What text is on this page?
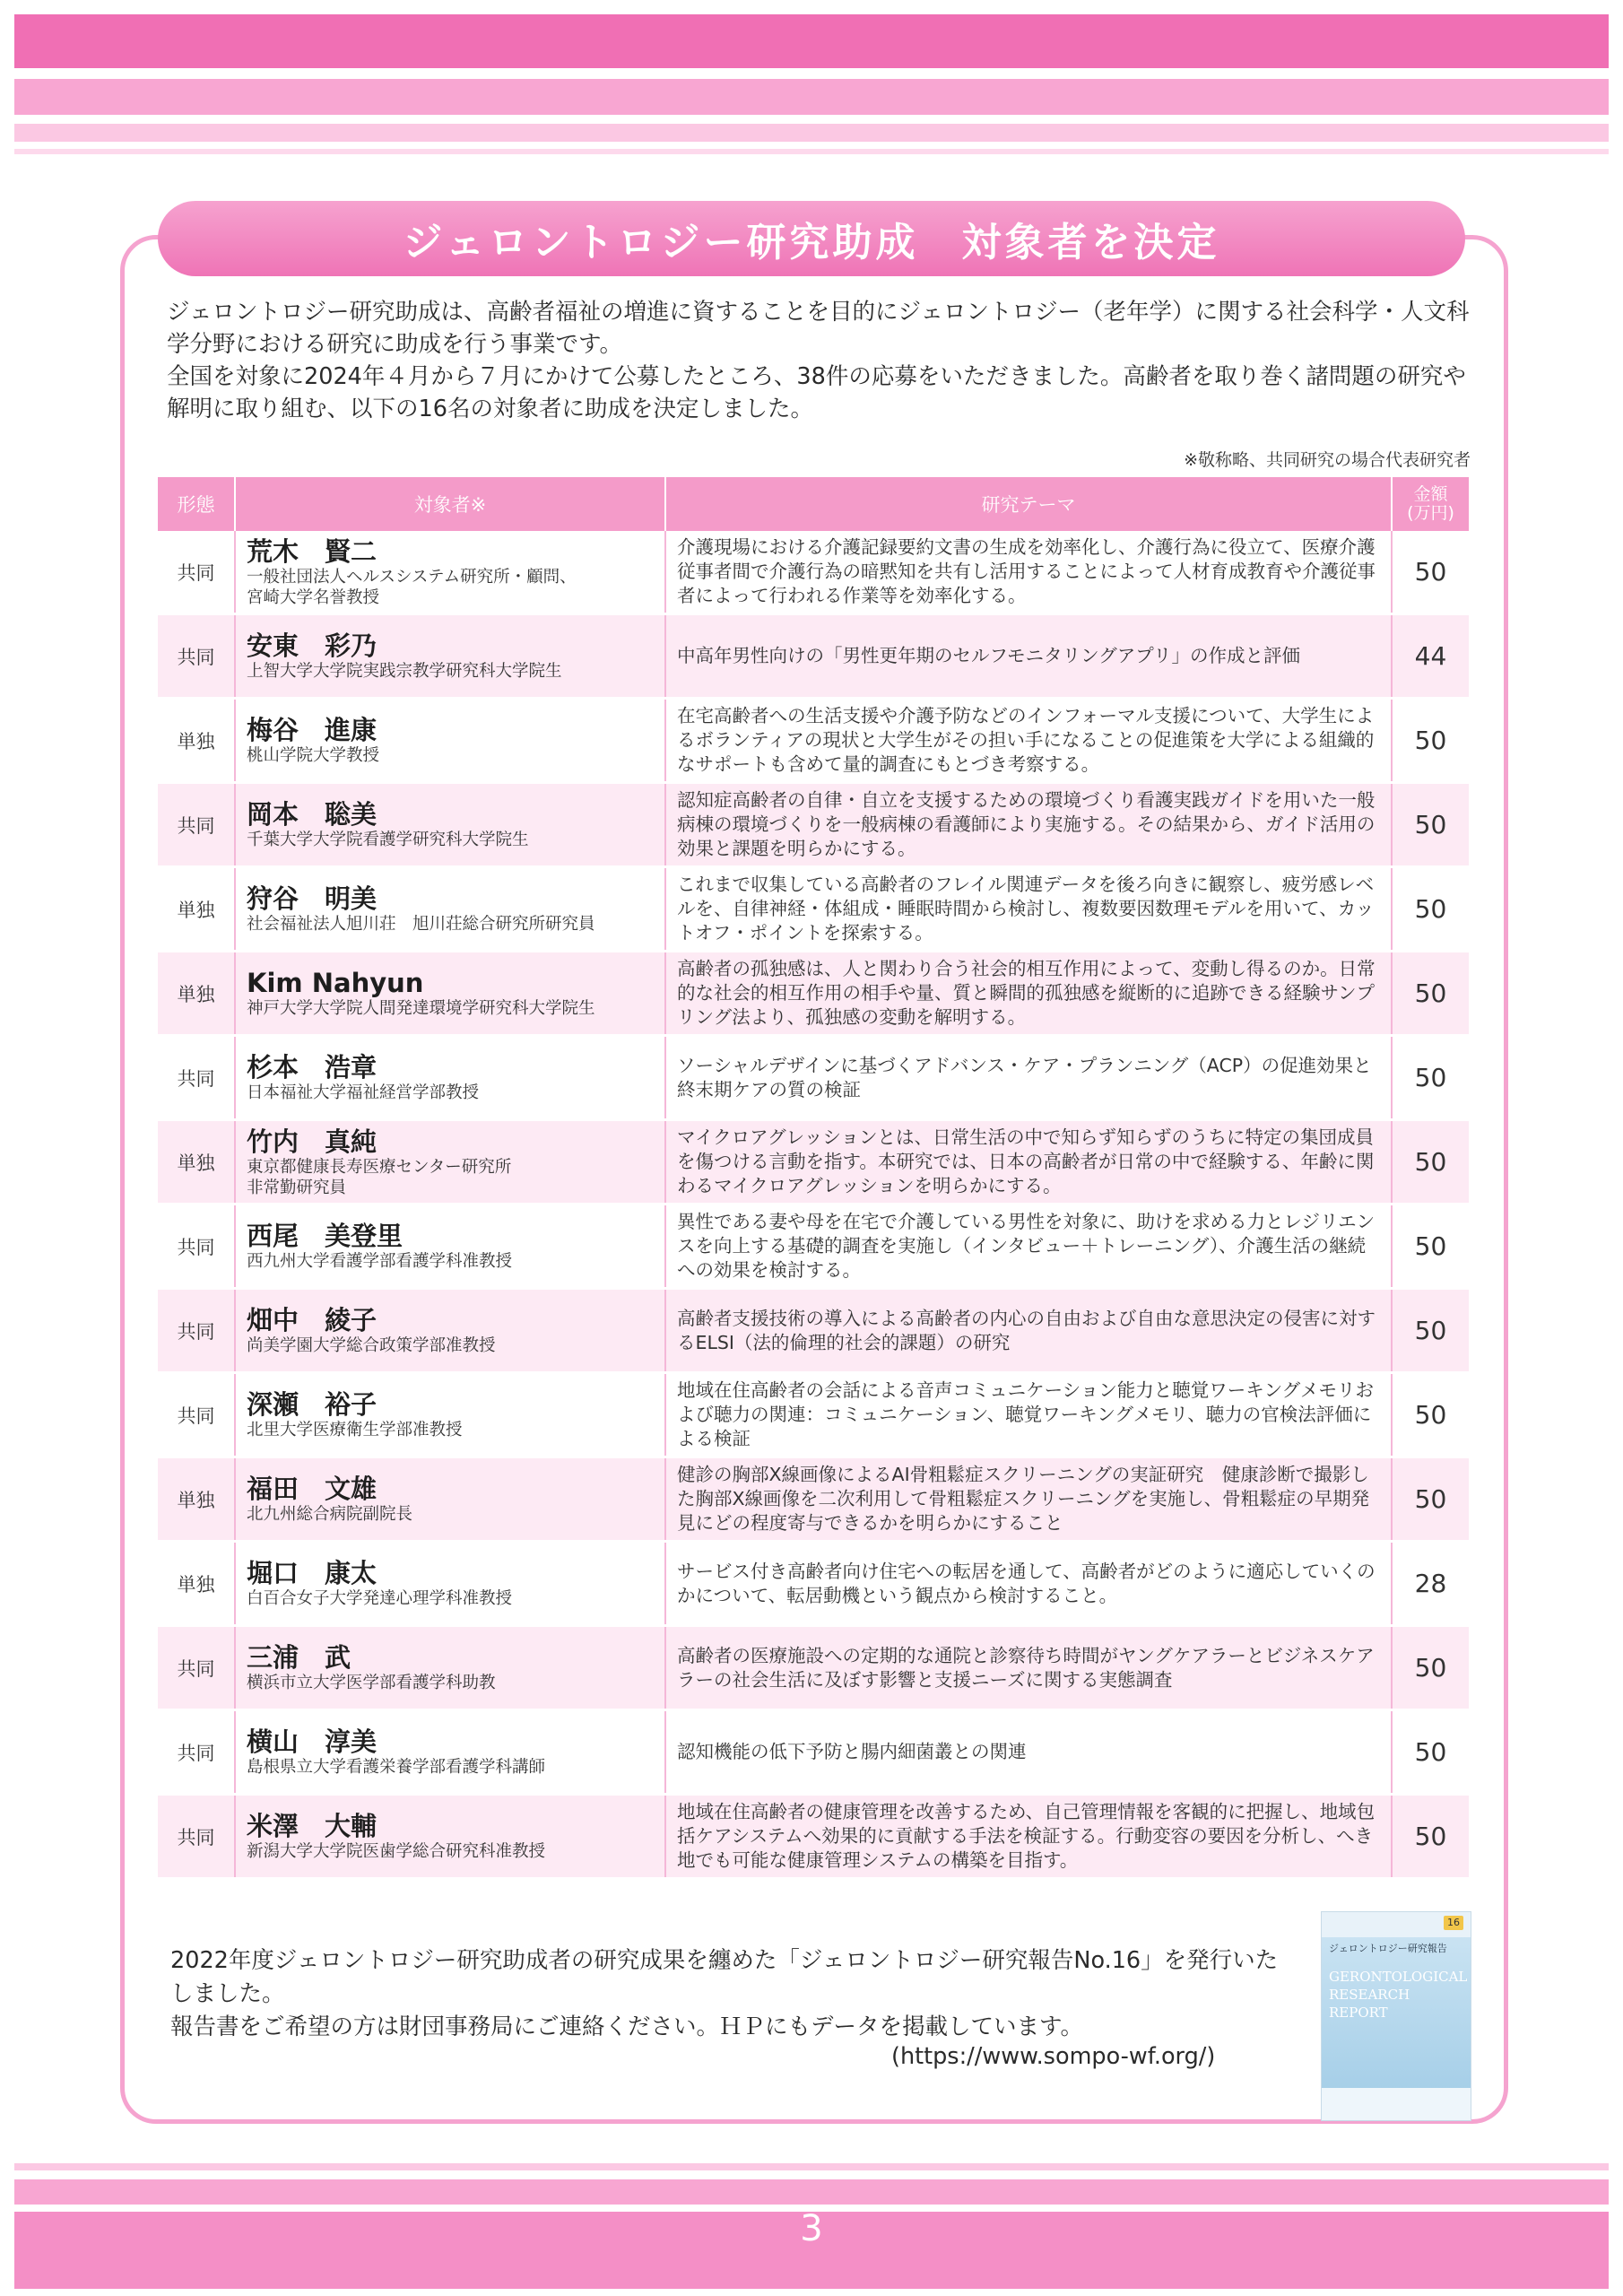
ジェロントロジー研究助成　対象者を決定

ジェロントロジー研究助成は、高齢者福祉の増進に資することを目的にジェロントロジー（老年学）に関する社会科学・人文科学分野における研究に助成を行う事業です。
全国を対象に2024年４月から７月にかけて公募したところ、38件の応募をいただきました。高齢者を取り巻く諸問題の研究や解明に取り組む、以下の16名の対象者に助成を決定しました。

※敬称略、共同研究の場合代表研究者
形態	対象者※	研究テーマ	金額
(万円)

共同	荒木　賢二
一般社団法人ヘルスシステム研究所・顧問、
宮崎大学名誉教授	介護現場における介護記録要約文書の生成を効率化し、介護行為に役立て、医療介護従事者間で介護行為の暗黙知を共有し活用することによって人材育成教育や介護従事者によって行われる作業等を効率化する。	50
共同	安東　彩乃
上智大学大学院実践宗教学研究科大学院生	中高年男性向けの「男性更年期のセルフモニタリングアプリ」の作成と評価	44
単独	梅谷　進康
桃山学院大学教授	在宅高齢者への生活支援や介護予防などのインフォーマル支援について、大学生によるボランティアの現状と大学生がその担い手になることの促進策を大学による組織的なサポートも含めて量的調査にもとづき考察する。	50
共同	岡本　聡美
千葉大学大学院看護学研究科大学院生	認知症高齢者の自律・自立を支援するための環境づくり看護実践ガイドを用いた一般病棟の環境づくりを一般病棟の看護師により実施する。その結果から、ガイド活用の効果と課題を明らかにする。	50
単独	狩谷　明美
社会福祉法人旭川荘　旭川荘総合研究所研究員	これまで収集している高齢者のフレイル関連データを後ろ向きに観察し、疲労感レベルを、自律神経・体組成・睡眠時間から検討し、複数要因数理モデルを用いて、カットオフ・ポイントを探索する。	50
単独	Kim Nahyun
神戸大学大学院人間発達環境学研究科大学院生	高齢者の孤独感は、人と関わり合う社会的相互作用によって、変動し得るのか。日常的な社会的相互作用の相手や量、質と瞬間的孤独感を縦断的に追跡できる経験サンプリング法より、孤独感の変動を解明する。	50
共同	杉本　浩章
日本福祉大学福祉経営学部教授	ソーシャルデザインに基づくアドバンス・ケア・プランニング（ACP）の促進効果と終末期ケアの質の検証	50
単独	竹内　真純
東京都健康長寿医療センター研究所
非常勤研究員	マイクロアグレッションとは、日常生活の中で知らず知らずのうちに特定の集団成員を傷つける言動を指す。本研究では、日本の高齢者が日常の中で経験する、年齢に関わるマイクロアグレッションを明らかにする。	50
共同	西尾　美登里
西九州大学看護学部看護学科准教授	異性である妻や母を在宅で介護している男性を対象に、助けを求める力とレジリエンスを向上する基礎的調査を実施し（インタビュー＋トレーニング）、介護生活の継続への効果を検討する。	50
共同	畑中　綾子
尚美学園大学総合政策学部准教授	高齢者支援技術の導入による高齢者の内心の自由および自由な意思決定の侵害に対するELSI（法的倫理的社会的課題）の研究	50
共同	深瀬　裕子
北里大学医療衛生学部准教授	地域在住高齢者の会話による音声コミュニケーション能力と聴覚ワーキングメモリおよび聴力の関連：コミュニケーション、聴覚ワーキングメモリ、聴力の官検法評価による検証	50
単独	福田　文雄
北九州総合病院副院長	健診の胸部X線画像によるAI骨粗鬆症スクリーニングの実証研究　健康診断で撮影した胸部X線画像を二次利用して骨粗鬆症スクリーニングを実施し、骨粗鬆症の早期発見にどの程度寄与できるかを明らかにすること	50
単独	堀口　康太
白百合女子大学発達心理学科准教授	サービス付き高齢者向け住宅への転居を通して、高齢者がどのように適応していくのかについて、転居動機という観点から検討すること。	28
共同	三浦　武
横浜市立大学医学部看護学科助教	高齢者の医療施設への定期的な通院と診察待ち時間がヤングケアラーとビジネスケアラーの社会生活に及ぼす影響と支援ニーズに関する実態調査	50
共同	横山　淳美
島根県立大学看護栄養学部看護学科講師	認知機能の低下予防と腸内細菌叢との関連	50
共同	米澤　大輔
新潟大学大学院医歯学総合研究科准教授	地域在住高齢者の健康管理を改善するため、自己管理情報を客観的に把握し、地域包括ケアシステムへ効果的に貢献する手法を検証する。行動変容の要因を分析し、へき地でも可能な健康管理システムの構築を目指す。	50

2022年度ジェロントロジー研究助成者の研究成果を纏めた「ジェロントロジー研究報告No.16」を発行いたしました。
報告書をご希望の方は財団事務局にご連絡ください。ＨＰにもデータを掲載しています。

(https://www.sompo-wf.org/)
16
ジェロントロジー研究報告
GERONTOLOGICAL
RESEARCH REPORT
3
